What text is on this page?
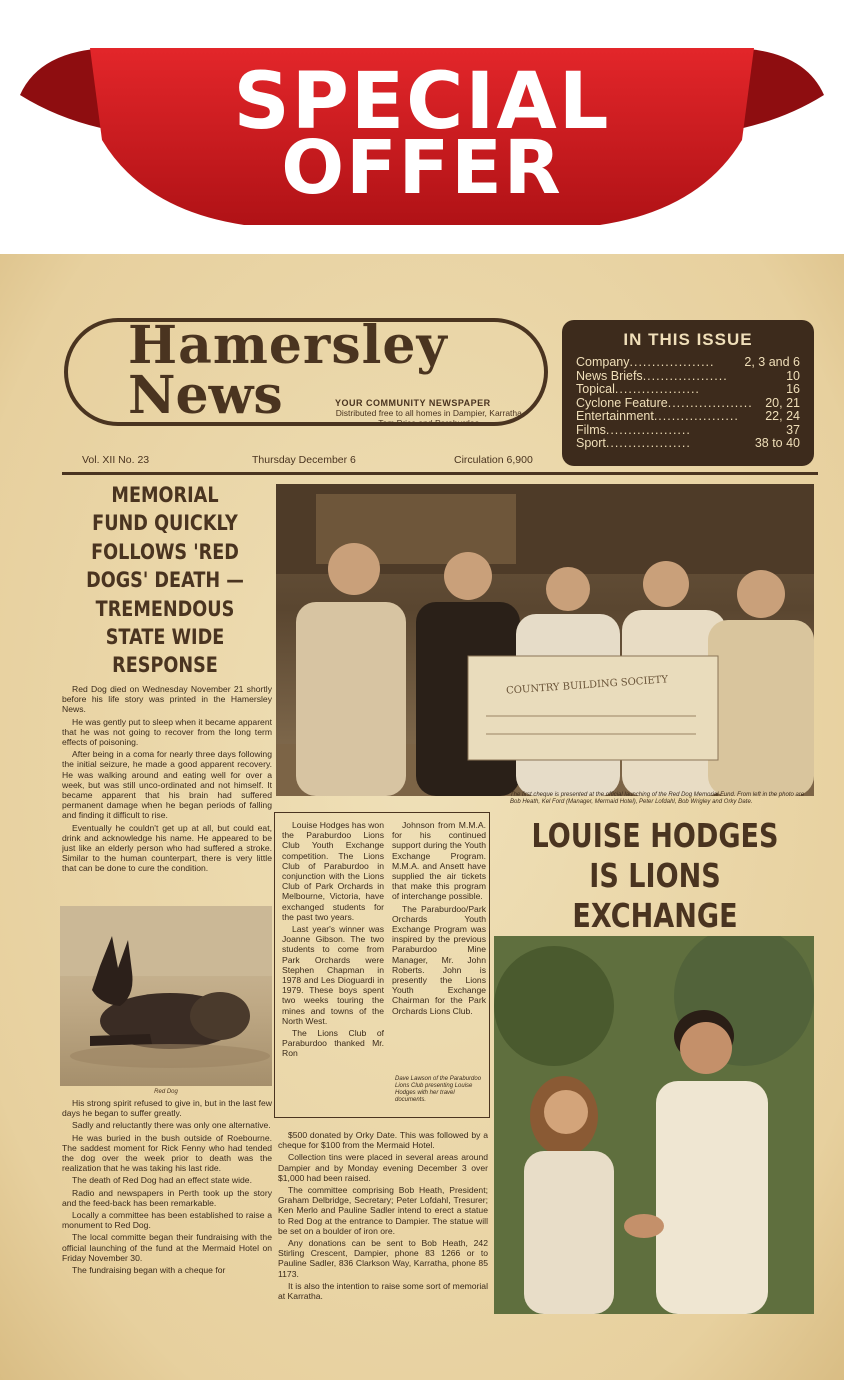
SPECIAL
OFFER
Hamersley
News	YOUR COMMUNITY NEWSPAPER
Distributed free to all homes in Dampier, Karratha, Tom Price and Paraburdoo.
IN THIS ISSUE
Company ...................	2, 3 and 6
News Briefs ...................	10
Topical ...................	16
Cyclone Feature ...................	20, 21
Entertainment ...................	22, 24
Films ...................	37
Sport ...................	38 to 40
Vol. XII No. 23	Thursday December 6	Circulation 6,900
MEMORIAL FUND QUICKLY FOLLOWS 'RED DOGS' DEATH — TREMENDOUS STATE WIDE RESPONSE

Red Dog died on Wednesday November 21 shortly before his life story was printed in the Hamersley News.

He was gently put to sleep when it became apparent that he was not going to recover from the long term effects of poisoning.

After being in a coma for nearly three days following the initial seizure, he made a good apparent recovery. He was walking around and eating well for over a week, but was still unco-ordinated and not himself. It became apparent that his brain had suffered permanent damage when he began periods of falling and finding it difficult to rise.

Eventually he couldn't get up at all, but could eat, drink and acknowledge his name. He appeared to be just like an elderly person who had suffered a stroke. Similar to the human counterpart, there is very little that can be done to cure the condition.

Red Dog

His strong spirit refused to give in, but in the last few days he began to suffer greatly.

Sadly and reluctantly there was only one alternative.

He was buried in the bush outside of Roebourne. The saddest moment for Rick Fenny who had tended the dog over the week prior to death was the realization that he was taking his last ride.

The death of Red Dog had an effect state wide.

Radio and newspapers in Perth took up the story and the feed-back has been remarkable.

Locally a committee has been established to raise a monument to Red Dog.

The local committe began their fundraising with the official launching of the fund at the Mermaid Hotel on Friday November 30.

The fundraising began with a cheque for

COUNTRY BUILDING SOCIETY
The first cheque is presented at the official launching of the Red Dog Memorial Fund. From left in the photo are Bob Heath, Kel Ford (Manager, Mermaid Hotel), Peter Lofdahl, Bob Wrigley and Orky Date.

Louise Hodges has won the Paraburdoo Lions Club Youth Exchange competition. The Lions Club of Paraburdoo in conjunction with the Lions Club of Park Orchards in Melbourne, Victoria, have exchanged students for the past two years.

Last year's winner was Joanne Gibson. The two students to come from Park Orchards were Stephen Chapman in 1978 and Les Dioguardi in 1979. These boys spent two weeks touring the mines and towns of the North West.

The Lions Club of Paraburdoo thanked Mr. Ron

Johnson from M.M.A. for his continued support during the Youth Exchange Program. M.M.A. and Ansett have supplied the air tickets that make this program of interchange possible.

The Paraburdoo/Park Orchards Youth Exchange Program was inspired by the previous Paraburdoo Mine Manager, Mr. John Roberts. John is presently the Lions Youth Exchange Chairman for the Park Orchards Lions Club.

Dave Lawson of the Paraburdoo Lions Club presenting Louise Hodges with her travel documents.

$500 donated by Orky Date. This was followed by a cheque for $100 from the Mermaid Hotel.

Collection tins were placed in several areas around Dampier and by Monday evening December 3 over $1,000 had been raised.

The committee comprising Bob Heath, President; Graham Delbridge, Secretary; Peter Lofdahl, Tresurer; Ken Merlo and Pauline Sadler intend to erect a statue to Red Dog at the entrance to Dampier. The statue will be set on a boulder of iron ore.

Any donations can be sent to Bob Heath, 242 Stirling Crescent, Dampier, phone 83 1266 or to Pauline Sadler, 836 Clarkson Way, Karratha, phone 85 1173.

It is also the intention to raise some sort of memorial at Karratha.

LOUISE HODGES IS LIONS EXCHANGE
